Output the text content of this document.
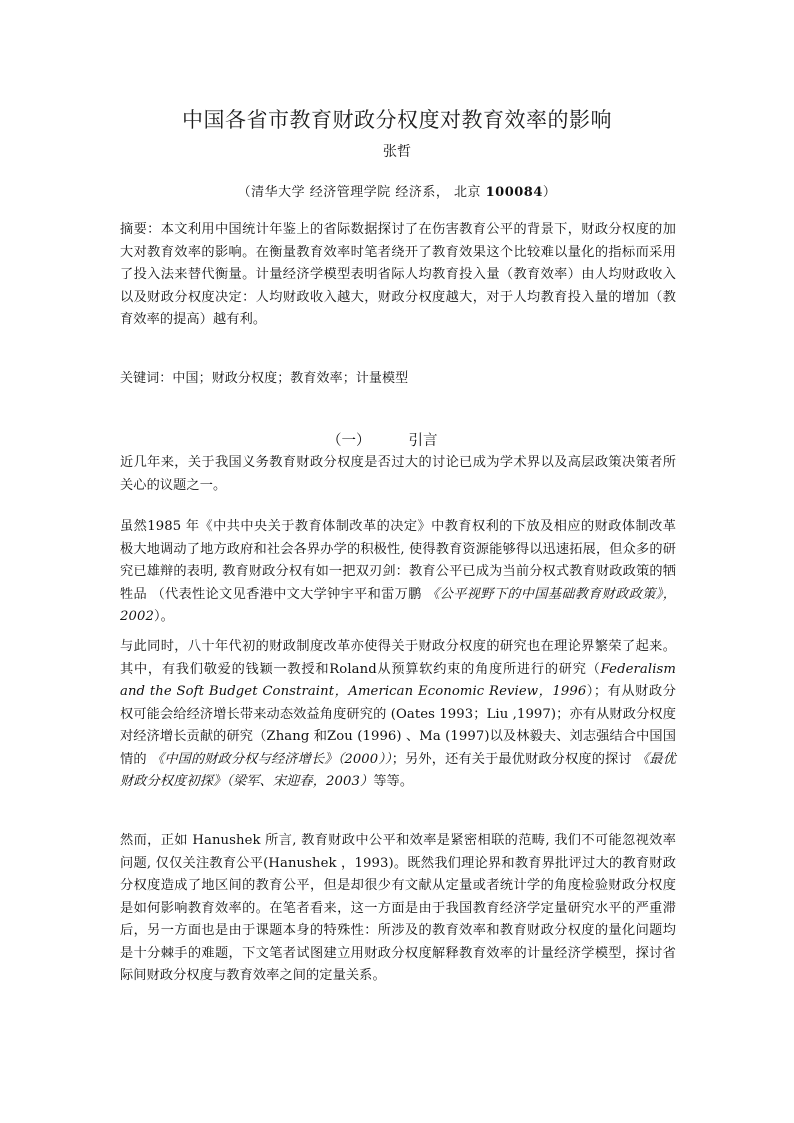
中国各省市教育财政分权度对教育效率的影响
张哲
（清华大学 经济管理学院 经济系， 北京 100084）
摘要：本文利用中国统计年鉴上的省际数据探讨了在伤害教育公平的背景下，财政分权度的加大对教育效率的影响。在衡量教育效率时笔者绕开了教育效果这个比较难以量化的指标而采用了投入法来替代衡量。计量经济学模型表明省际人均教育投入量（教育效率）由人均财政收入以及财政分权度决定：人均财政收入越大，财政分权度越大，对于人均教育投入量的增加（教育效率的提高）越有利。
关键词：中国；财政分权度；教育效率；计量模型
（一）	引言
近几年来，关于我国义务教育财政分权度是否过大的讨论已成为学术界以及高层政策决策者所关心的议题之一。
虽然1985 年《中共中央关于教育体制改革的决定》中教育权利的下放及相应的财政体制改革极大地调动了地方政府和社会各界办学的积极性, 使得教育资源能够得以迅速拓展，但众多的研究已雄辩的表明, 教育财政分权有如一把双刃剑：教育公平已成为当前分权式教育财政政策的牺牲品 （代表性论文见香港中文大学钟宇平和雷万鹏 《公平视野下的中国基础教育财政政策》，2002）。
与此同时，八十年代初的财政制度改革亦使得关于财政分权度的研究也在理论界繁荣了起来。其中，有我们敬爱的钱颖一教授和Roland从预算软约束的角度所进行的研究（Federalism and the Soft Budget Constraint，American Economic Review，1996）；有从财政分权可能会给经济增长带来动态效益角度研究的 (Oates 1993；Liu ,1997)；亦有从财政分权度对经济增长贡献的研究（Zhang 和Zou (1996) 、Ma (1997)以及林毅夫、刘志强结合中国国情的 《中国的财政分权与经济增长》（2000））；另外，还有关于最优财政分权度的探讨 《最优财政分权度初探》（梁军、宋迎春，2003）等等。
然而，正如 Hanushek 所言, 教育财政中公平和效率是紧密相联的范畴, 我们不可能忽视效率问题, 仅仅关注教育公平(Hanushek ，1993)。既然我们理论界和教育界批评过大的教育财政分权度造成了地区间的教育公平，但是却很少有文献从定量或者统计学的角度检验财政分权度是如何影响教育效率的。在笔者看来，这一方面是由于我国教育经济学定量研究水平的严重滞后，另一方面也是由于课题本身的特殊性：所涉及的教育效率和教育财政分权度的量化问题均是十分棘手的难题，下文笔者试图建立用财政分权度解释教育效率的计量经济学模型，探讨省际间财政分权度与教育效率之间的定量关系。
